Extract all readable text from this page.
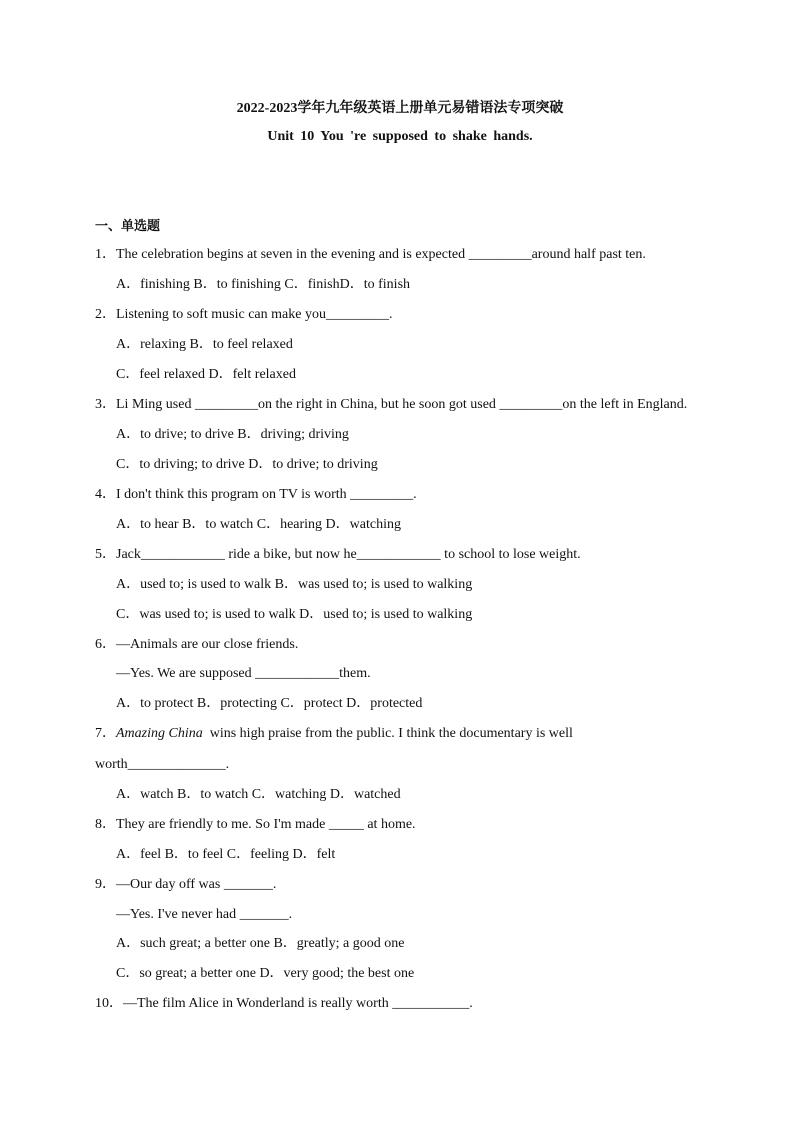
2022-2023学年九年级英语上册单元易错语法专项突破
Unit 10 You 're supposed to shake hands.
一、单选题
1．The celebration begins at seven in the evening and is expected _________around half past ten.
A．finishing B．to finishing C．finishD．to finish
2．Listening to soft music can make you_________.
A．relaxing B．to feel relaxed
C．feel relaxed D．felt relaxed
3．Li Ming used _________on the right in China, but he soon got used _________on the left in England.
A．to drive; to drive B．driving; driving
C．to driving; to drive D．to drive; to driving
4．I don't think this program on TV is worth _________.
A．to hear B．to watch C．hearing D．watching
5．Jack____________ ride a bike, but now he____________ to school to lose weight.
A．used to; is used to walk B．was used to; is used to walking
C．was used to; is used to walk D．used to; is used to walking
6．—Animals are our close friends.
—Yes. We are supposed ____________them.
A．to protect B．protecting C．protect D．protected
7．Amazing China  wins high praise from the public. I think the documentary is well
worth______________.
A．watch B．to watch C．watching D．watched
8．They are friendly to me. So I'm made _____ at home.
A．feel B．to feel C．feeling D．felt
9．—Our day off was _______.
—Yes. I've never had _______.
A．such great; a better one B．greatly; a good one
C．so great; a better one D．very good; the best one
10．—The film Alice in Wonderland is really worth ___________.
